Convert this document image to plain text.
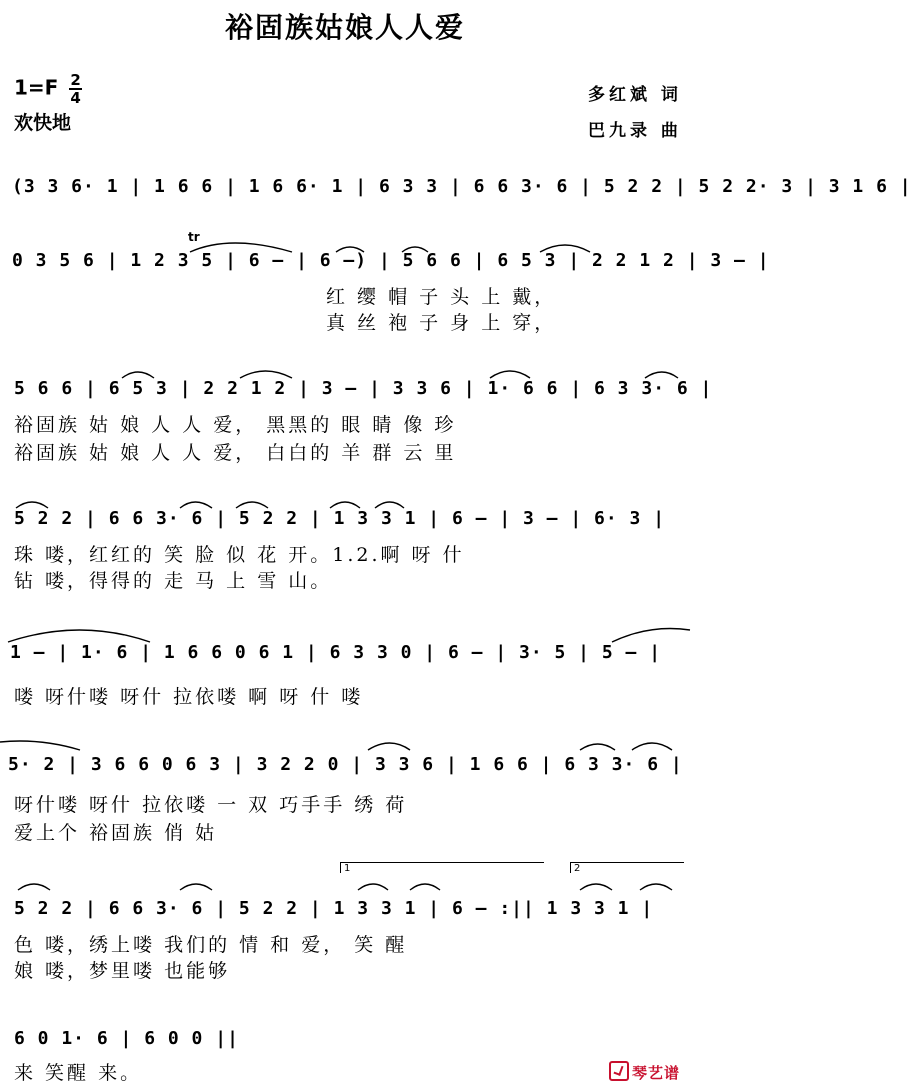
裕固族姑娘人人爱
$1=F \frac{2}{4}$
欢快地
多红斌 词
巴九录 曲
(3 3 6· 1 | 1 6 6 | 1 6 6· 1 | 6 3 3 | 6 6 3· 6 | 5 2 2 | 5 2 2· 3 | 3 1 6 |
tr
0 3 5 6 | 1 2 3 5 | 6 — | 6 —) | 5 6 6 | 6 5 3 | 2 2 1 2 | 3 — |
红 缨 帽 子 头 上 戴，
真 丝 袍 子 身 上 穿，
5 6 6 | 6 5 3 | 2 2 1 2 | 3 — | 3 3 6 | 1· 6 6 | 6 3 3· 6 |
裕固族 姑 娘 人 人 爱， 黑黑的 眼 睛 像 珍
裕固族 姑 娘 人 人 爱， 白白的 羊 群 云 里
5 2 2 | 6 6 3· 6 | 5 2 2 | 1 3 3 1 | 6 — | 3 — | 6· 3 |
珠 喽，红红的 笑 脸 似 花 开。1.2.啊 呀 什
钻 喽，得得的 走 马 上 雪 山。
1 — | 1· 6 | 1 6 6 0 6 1 | 6 3 3 0 | 6 — | 3· 5 | 5 — |
喽 呀什喽 呀什 拉依喽 啊 呀 什 喽
5· 2 | 3 6 6 0 6 3 | 3 2 2 0 | 3 3 6 | 1 6 6 | 6 3 3· 6 |
呀什喽 呀什 拉依喽 一 双 巧手手 绣 荷
爱上个 裕固族 俏 姑
1	2
5 2 2 | 6 6 3· 6 | 5 2 2 | 1 3 3 1 | 6 — :|| 1 3 3 1 |
色 喽，绣上喽 我们的 情 和 爱， 笑 醒
娘 喽，梦里喽 也能够
6 0 1· 6 | 6 0 0 ||
来 笑醒 来。	琴艺谱
